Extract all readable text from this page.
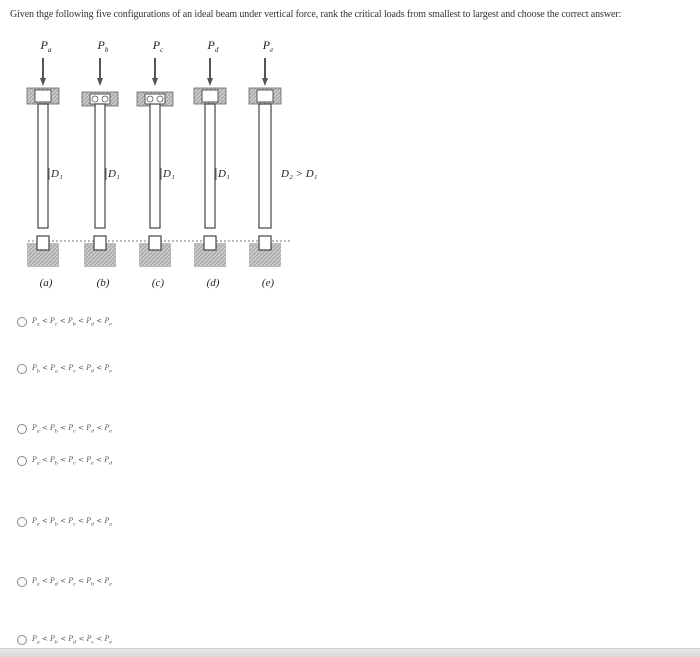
Given thge following five configurations of an ideal beam under vertical force, rank the critical loads from smallest to largest and choose the correct answer:
$P_a$
D₁
(a)
$P_b$
D₁
(b)
$P_c$
D₁
(c)
$P_d$
D₁
(d)
$P_e$
D₂ > D₁
(e)
$P_a < P_c < P_b < P_d < P_e$
$P_b < P_a < P_c < P_d < P_e$
$P_a < P_b < P_c < P_d < P_e$
$P_a < P_b < P_c < P_e < P_d$
$P_e < P_b < P_c < P_d < P_a$
$P_a < P_d < P_c < P_b < P_e$
$P_a < P_b < P_d < P_c < P_e$
